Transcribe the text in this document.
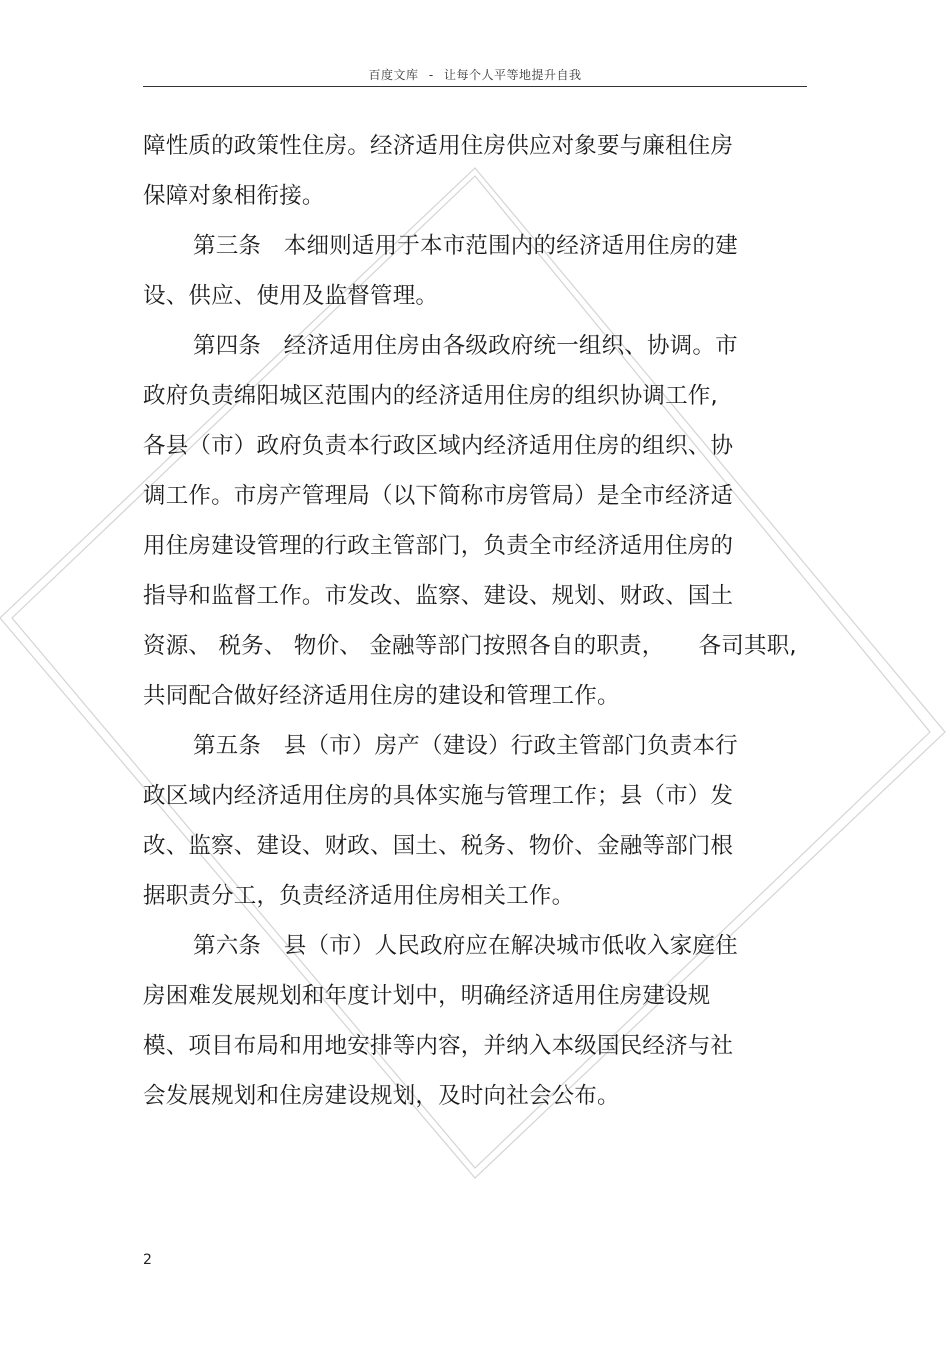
百度文库 - 让每个人平等地提升自我
障性质的政策性住房。经济适用住房供应对象要与廉租住房
保障对象相衔接。
第三条　本细则适用于本市范围内的经济适用住房的建
设、供应、使用及监督管理。
第四条　经济适用住房由各级政府统一组织、协调。市
政府负责绵阳城区范围内的经济适用住房的组织协调工作,
各县（市）政府负责本行政区域内经济适用住房的组织、协
调工作。市房产管理局（以下简称市房管局）是全市经济适
用住房建设管理的行政主管部门，负责全市经济适用住房的
指导和监督工作。市发改、监察、建设、规划、财政、国土
资源、 税务、 物价、 金融等部门按照各自的职责，　　各司其职,
共同配合做好经济适用住房的建设和管理工作。
第五条　县（市）房产（建设）行政主管部门负责本行
政区域内经济适用住房的具体实施与管理工作；县（市）发
改、监察、建设、财政、国土、税务、物价、金融等部门根
据职责分工，负责经济适用住房相关工作。
第六条　县（市）人民政府应在解决城市低收入家庭住
房困难发展规划和年度计划中，明确经济适用住房建设规
模、项目布局和用地安排等内容，并纳入本级国民经济与社
会发展规划和住房建设规划，及时向社会公布。
2
